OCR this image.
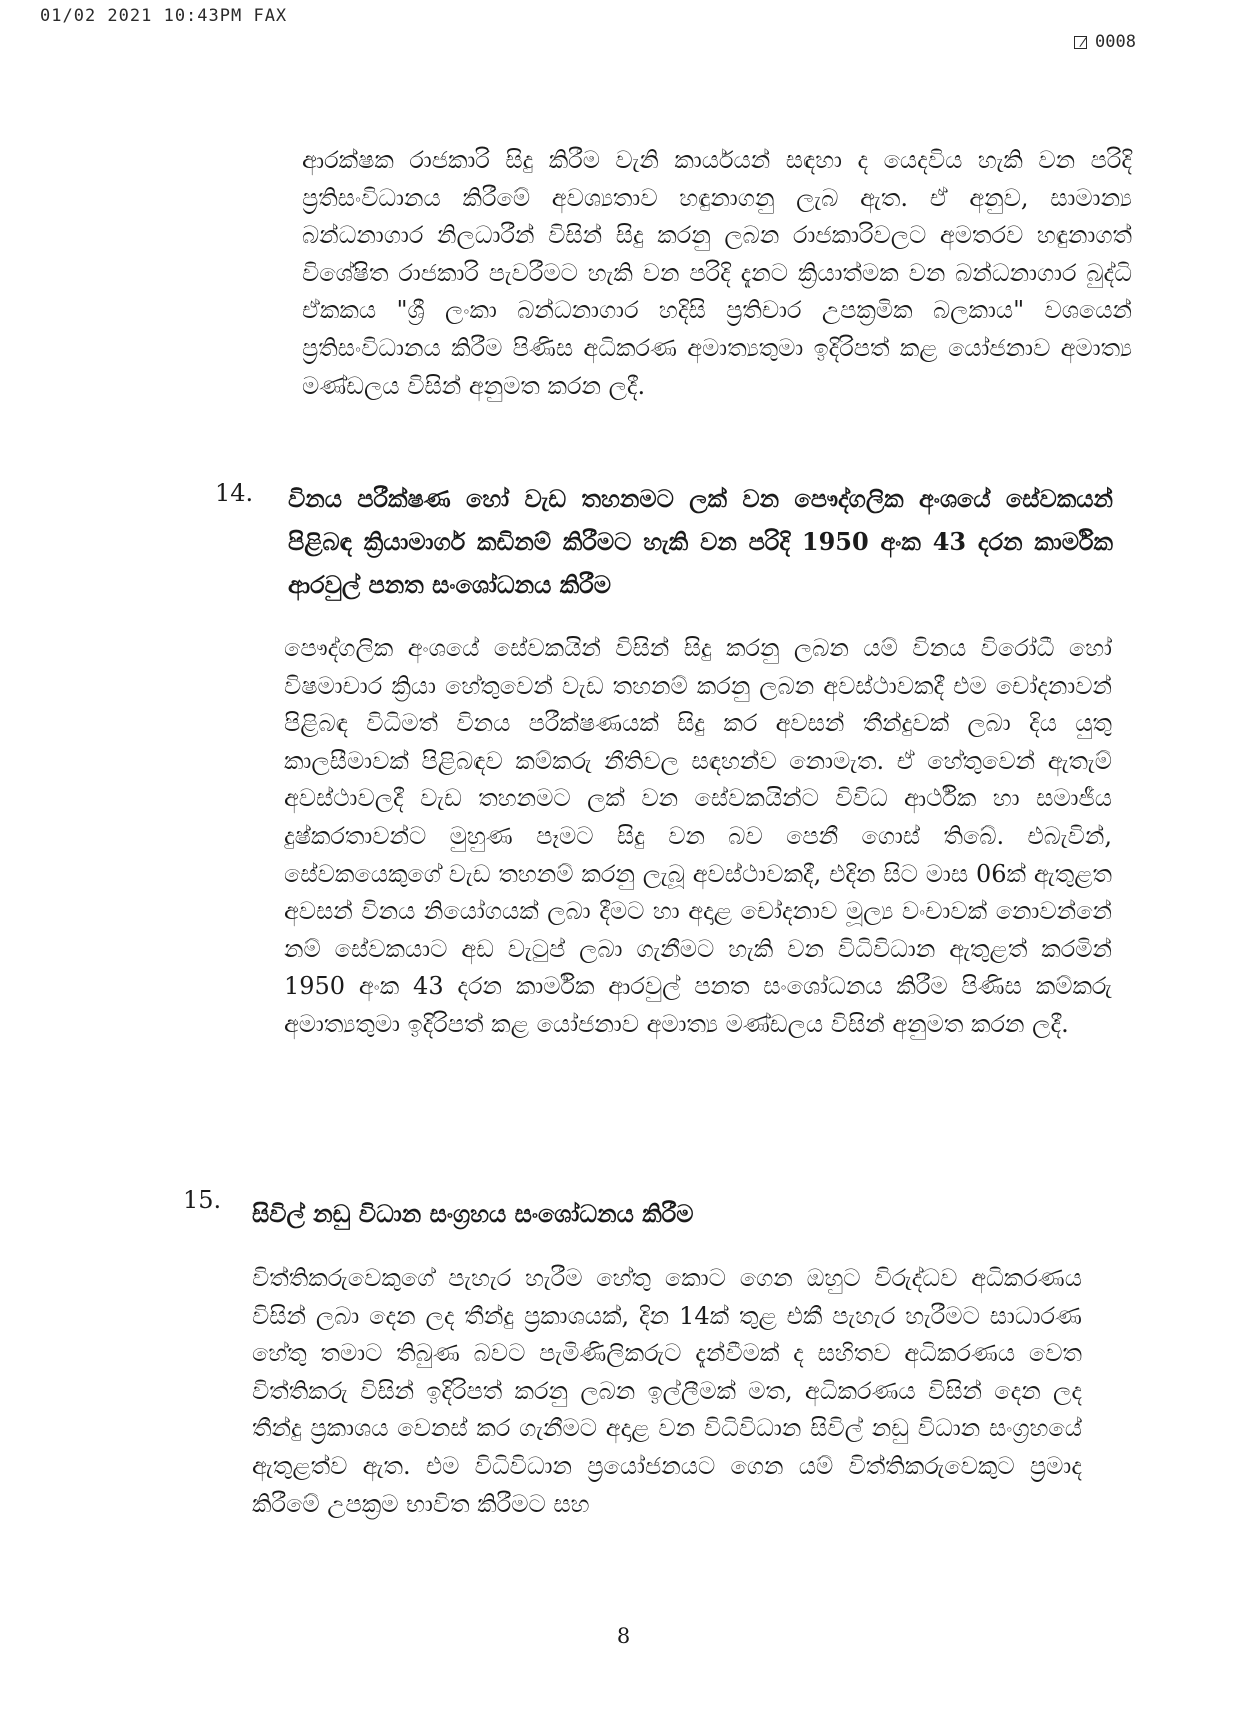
01/02 2021 10:43PM FAX
0008

ආරක්ෂක රාජකාරි සිදු කිරීම වැනි කාර්යයන් සඳහා ද යෙදවිය හැකි වන පරිදි ප්‍රතිසංවිධානය කිරීමේ අවශ්‍යතාව හඳුනාගනු ලැබ ඇත. ඒ අනුව, සාමාන්‍ය බන්ධනාගාර නිලධාරීන් විසින් සිදු කරනු ලබන රාජකාරිවලට අමතරව හඳුනාගත් විශේෂිත රාජකාරි පැවරීමට හැකි වන පරිදි දැනට ක්‍රියාත්මක වන බන්ධනාගාර බුද්ධි ඒකකය "ශ්‍රී ලංකා බන්ධනාගාර හදිසි ප්‍රතිචාර උපක්‍රමික බලකාය" වශයෙන් ප්‍රතිසංවිධානය කිරීම පිණිස අධිකරණ අමාත්‍යතුමා ඉදිරිපත් කළ යෝජනාව අමාත්‍ය මණ්ඩලය විසින් අනුමත කරන ලදී.

14. විනය පරීක්ෂණ හෝ වැඩ තහනමට ලක් වන පෞද්ගලික අංශයේ සේවකයන් පිළිබඳ ක්‍රියාමාර්ග කඩිනම් කිරීමට හැකි වන පරිදි 1950 අංක 43 දරන කාර්මික ආරවුල් පනත සංශෝධනය කිරීම

පෞද්ගලික අංශයේ සේවකයින් විසින් සිදු කරනු ලබන යම් විනය විරෝධී හෝ විෂමාචාර ක්‍රියා හේතුවෙන් වැඩ තහනම් කරනු ලබන අවස්ථාවකදී එම චෝදනාවන් පිළිබඳ විධිමත් විනය පරීක්ෂණයක් සිදු කර අවසන් තීන්දුවක් ලබා දිය යුතු කාලසීමාවක් පිළිබඳව කම්කරු නීතිවල සඳහන්ව නොමැත. ඒ හේතුවෙන් ඇතැම් අවස්ථාවලදී වැඩ තහනමට ලක් වන සේවකයින්ට විවිධ ආර්ථික හා සමාජීය දුෂ්කරතාවන්ට මුහුණ පෑමට සිදු වන බව පෙනී ගොස් තිබේ. එබැවින්, සේවකයෙකුගේ වැඩ තහනම් කරනු ලැබූ අවස්ථාවකදී, එදින සිට මාස 06ක් ඇතුළත අවසන් විනය නියෝගයක් ලබා දීමට හා අදාළ චෝදනාව මූල්‍ය වංචාවක් නොවන්නේ නම් සේවකයාට අඩ වැටුප් ලබා ගැනීමට හැකි වන විධිවිධාන ඇතුළත් කරමින් 1950 අංක 43 දරන කාර්මික ආරවුල් පනත සංශෝධනය කිරීම පිණිස කම්කරු අමාත්‍යතුමා ඉදිරිපත් කළ යෝජනාව අමාත්‍ය මණ්ඩලය විසින් අනුමත කරන ලදී.

15. සිවිල් නඩු විධාන සංග්‍රහය සංශෝධනය කිරීම

විත්තිකරුවෙකුගේ පැහැර හැරීම හේතු කොට ගෙන ඔහුට විරුද්ධව අධිකරණය විසින් ලබා දෙන ලද තීන්දු ප්‍රකාශයක්, දින 14ක් තුළ එකී පැහැර හැරීමට සාධාරණ හේතු තමාට තිබුණ බවට පැමිණිලිකරුට දැන්වීමක් ද සහිතව අධිකරණය වෙත විත්තිකරු විසින් ඉදිරිපත් කරනු ලබන ඉල්ලීමක් මත, අධිකරණය විසින් දෙන ලද තීන්දු ප්‍රකාශය වෙනස් කර ගැනීමට අදාළ වන විධිවිධාන සිවිල් නඩු විධාන සංග්‍රහයේ ඇතුළත්ව ඇත. එම විධිවිධාන ප්‍රයෝජනයට ගෙන යම් විත්තිකරුවෙකුට ප්‍රමාද කිරීමේ උපක්‍රම භාවිත කිරීමට සහ

8
